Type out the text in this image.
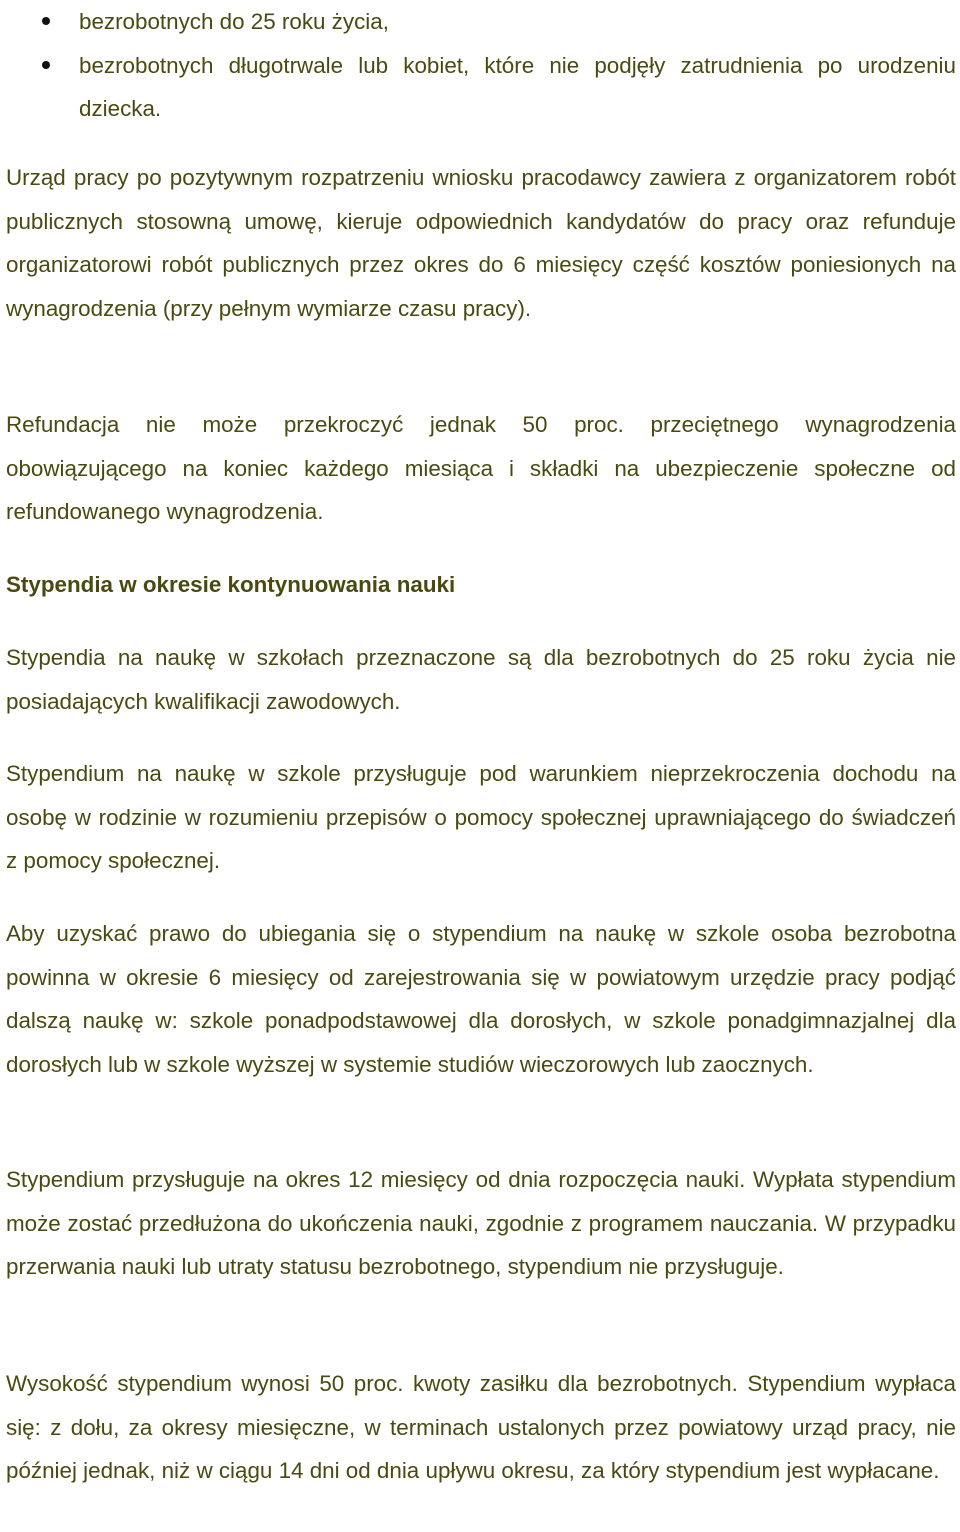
bezrobotnych do 25 roku życia,
bezrobotnych długotrwale lub kobiet, które nie podjęły zatrudnienia po urodzeniu dziecka.

Urząd pracy po pozytywnym rozpatrzeniu wniosku pracodawcy zawiera z organizatorem robót publicznych stosowną umowę, kieruje odpowiednich kandydatów do pracy oraz refunduje organizatorowi robót publicznych przez okres do 6 miesięcy część kosztów poniesionych na wynagrodzenia (przy pełnym wymiarze czasu pracy).

Refundacja nie może przekroczyć jednak 50 proc. przeciętnego wynagrodzenia obowiązującego na koniec każdego miesiąca i składki na ubezpieczenie społeczne od refundowanego wynagrodzenia.

Stypendia w okresie kontynuowania nauki

Stypendia na naukę w szkołach przeznaczone są dla bezrobotnych do 25 roku życia nie posiadających kwalifikacji zawodowych.

Stypendium na naukę w szkole przysługuje pod warunkiem nieprzekroczenia dochodu na osobę w rodzinie w rozumieniu przepisów o pomocy społecznej uprawniającego do świadczeń z pomocy społecznej.

Aby uzyskać prawo do ubiegania się o stypendium na naukę w szkole osoba bezrobotna powinna w okresie 6 miesięcy od zarejestrowania się w powiatowym urzędzie pracy podjąć dalszą naukę w: szkole ponadpodstawowej dla dorosłych, w szkole ponadgimnazjalnej dla dorosłych lub w szkole wyższej w systemie studiów wieczorowych lub zaocznych.

Stypendium przysługuje na okres 12 miesięcy od dnia rozpoczęcia nauki. Wypłata stypendium może zostać przedłużona do ukończenia nauki, zgodnie z programem nauczania. W przypadku przerwania nauki lub utraty statusu bezrobotnego, stypendium nie przysługuje.

Wysokość stypendium wynosi 50 proc. kwoty zasiłku dla bezrobotnych. Stypendium wypłaca się: z dołu, za okresy miesięczne, w terminach ustalonych przez powiatowy urząd pracy, nie później jednak, niż w ciągu 14 dni od dnia upływu okresu, za który stypendium jest wypłacane.
